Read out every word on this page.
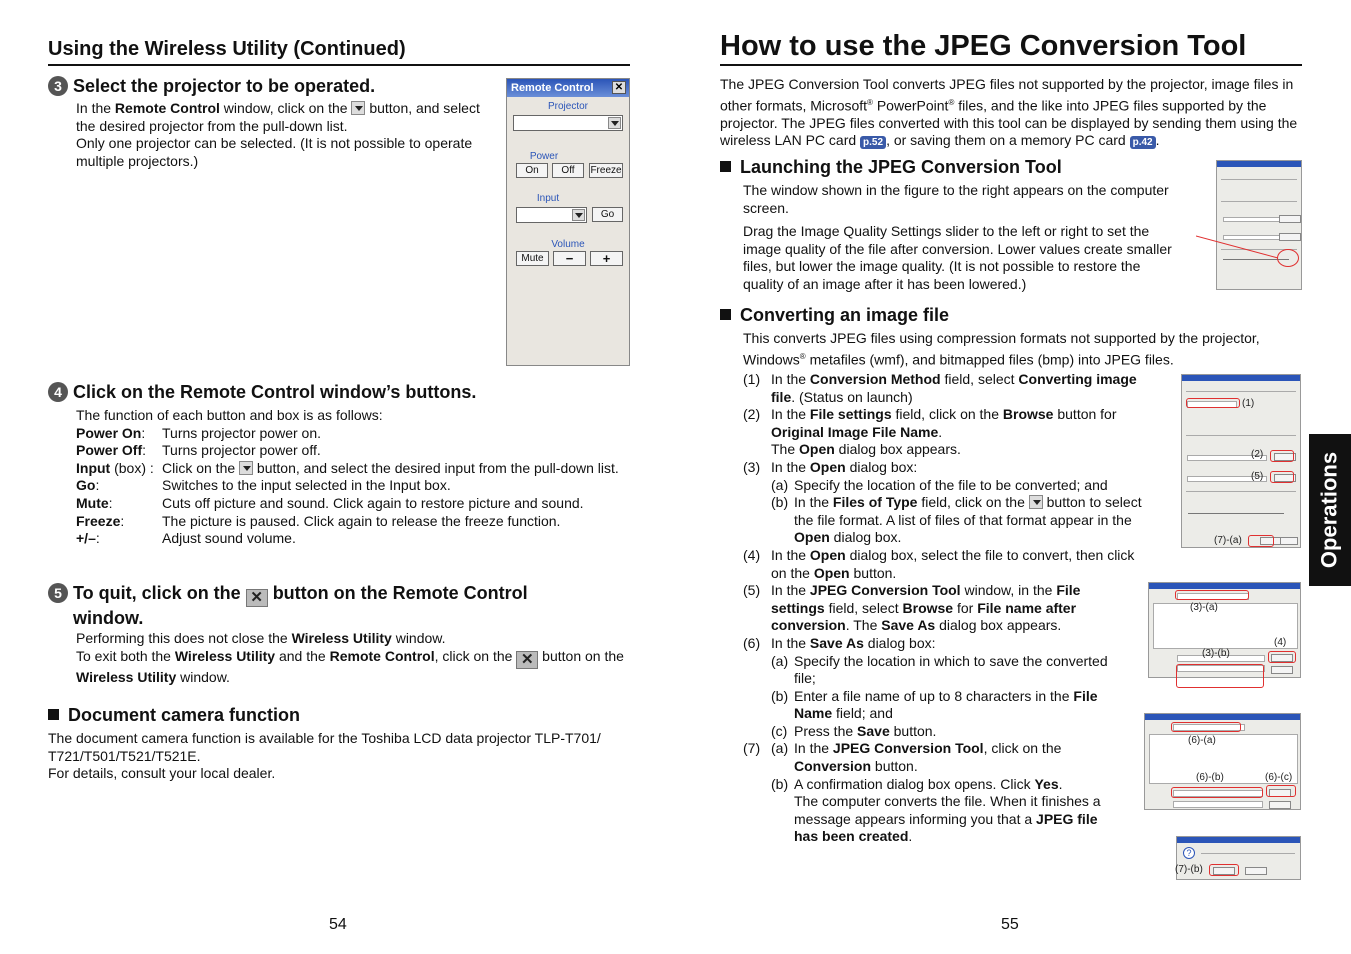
Using the Wireless Utility (Continued)
3 Select the projector to be operated.
In the Remote Control window, click on the  button, and select the desired projector from the pull-down list.
Only one projector can be selected. (It is not possible to operate multiple projectors.)
Remote Control ✕
Projector
Power
On	Off	Freeze
Input
Go
Volume
Mute	−	+
4 Click on the Remote Control window’s buttons.
The function of each button and box is as follows:
Power On:	Turns projector power on.
Power Off:	Turns projector power off.
Input (box) : Click on the  button, and select the desired input from the pull-down list.
Go:	Switches to the input selected in the Input box.
Mute:	Cuts off picture and sound. Click again to restore picture and sound.
Freeze:	The picture is paused. Click again to release the freeze function.
+/–:	Adjust sound volume.
5 To quit, click on the ✕ button on the Remote Control window.
Performing this does not close the Wireless Utility window.
To exit both the Wireless Utility and the Remote Control, click on the ✕ button on the Wireless Utility window.
Document camera function
The document camera function is available for the Toshiba LCD data projector TLP-T701/ T721/T501/T521/T521E.
For details, consult your local dealer.
54
How to use the JPEG Conversion Tool
The JPEG Conversion Tool converts JPEG files not supported by the projector, image files in other formats, Microsoft® PowerPoint® files, and the like into JPEG files supported by the projector. The JPEG files converted with this tool can be displayed by sending them using the wireless LAN PC card p.52 , or saving them on a memory PC card p.42 .
Launching the JPEG Conversion Tool
The window shown in the figure to the right appears on the computer screen.
Drag the Image Quality Settings slider to the left or right to set the image quality of the file after conversion. Lower values create smaller files, but lower the image quality. (It is not possible to restore the quality of an image after it has been lowered.)
Converting an image file
This converts JPEG files using compression formats not supported by the projector, Windows® metafiles (wmf), and bitmapped files (bmp) into JPEG files.
(1) In the Conversion Method field, select Converting image file. (Status on launch)
(2) In the File settings field, click on the Browse button for Original Image File Name.
The Open dialog box appears.
(3) In the Open dialog box:
(a) Specify the location of the file to be converted; and
(b) In the Files of Type field, click on the  button to select the file format. A list of files of that format appear in the Open dialog box.
(4) In the Open dialog box, select the file to convert, then click on the Open button.
(5) In the JPEG Conversion Tool window, in the File settings field, select Browse for File name after conversion. The Save As dialog box appears.
(6) In the Save As dialog box:
(a) Specify the location in which to save the converted file;
(b) Enter a file name of up to 8 characters in the File Name field; and
(c) Press the Save button.
(7) (a) In the JPEG Conversion Tool, click on the Conversion button.
(b) A confirmation dialog box opens. Click Yes.
The computer converts the file. When it finishes a message appears informing you that a JPEG file has been created.
(1)
(2)
(5)
(7)-(a)
(3)-(a)
(3)-(b)
(4)
(6)-(a)
(6)-(b)	(6)-(c)
?
(7)-(b)
Operations
55
